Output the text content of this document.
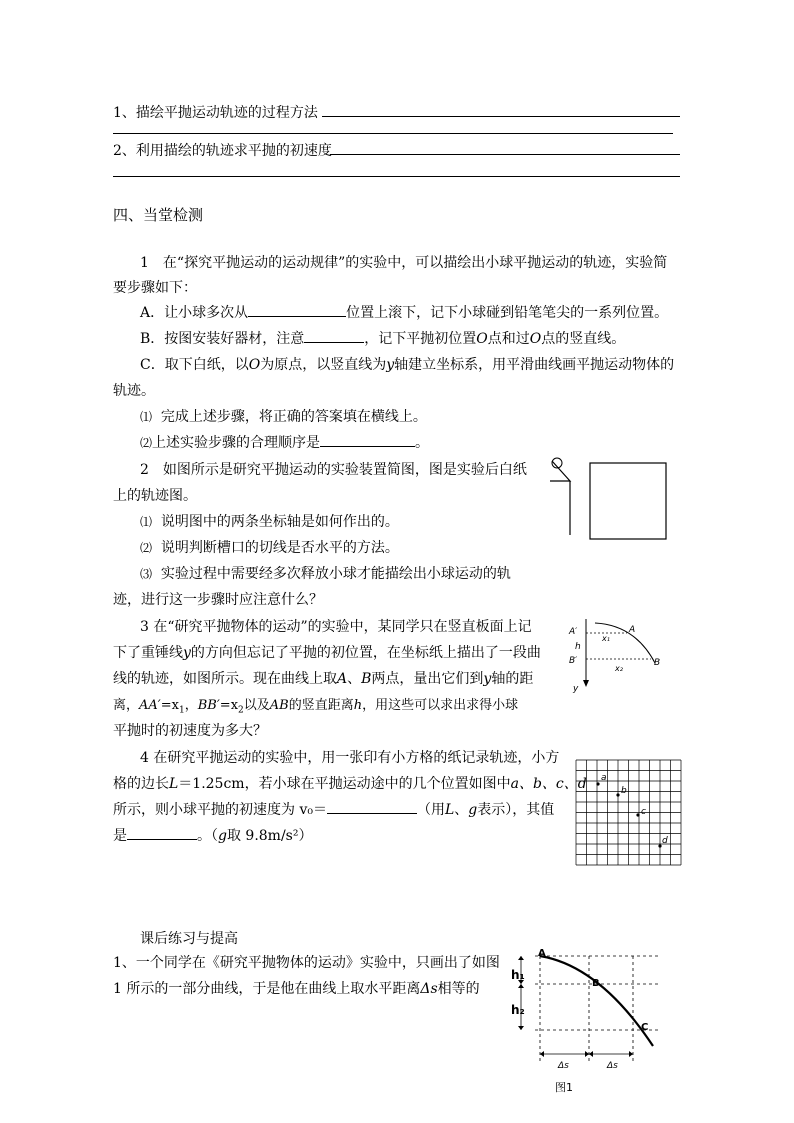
1、描绘平抛运动轨迹的过程方法
2、利用描绘的轨迹求平抛的初速度
四、当堂检测
1　在“探究平抛运动的运动规律”的实验中，可以描绘出小球平抛运动的轨迹，实验简
要步骤如下：
A．让小球多次从	位置上滚下，记下小球碰到铅笔笔尖的一系列位置。
B．按图安装好器材，注意	，记下平抛初位置O点和过O点的竖直线。
C．取下白纸，以O为原点，以竖直线为y轴建立坐标系，用平滑曲线画平抛运动物体的
轨迹。
⑴ 完成上述步骤，将正确的答案填在横线上。
⑵上述实验步骤的合理顺序是	。
2　如图所示是研究平抛运动的实验装置简图，图是实验后白纸
上的轨迹图。
⑴ 说明图中的两条坐标轴是如何作出的。
⑵ 说明判断槽口的切线是否水平的方法。
⑶ 实验过程中需要经多次释放小球才能描绘出小球运动的轨
迹，进行这一步骤时应注意什么？
3 在“研究平抛物体的运动”的实验中，某同学只在竖直板面上记
下了重锤线y的方向但忘记了平抛的初位置，在坐标纸上描出了一段曲
线的轨迹，如图所示。现在曲线上取A、B两点，量出它们到y轴的距
离，$AA'=x_1$，$BB'=x_2$以及AB的竖直距离h，用这些可以求出求得小球
平抛时的初速度为多大？
A′
h
B′
A
B
x₁
x₂
y
4 在研究平抛运动的实验中，用一张印有小方格的纸记录轨迹，小方
格的边长L＝1.25cm，若小球在平抛运动途中的几个位置如图中a、b、c、d
所示，则小球平抛的初速度为 v₀＝	（用L、g表示），其值
是	。（g取 9.8m/s²）
a
b
c
d
课后练习与提高
1、一个同学在《研究平抛物体的运动》实验中，只画出了如图
1 所示的一部分曲线，于是他在曲线上取水平距离Δs相等的
A
B
C
h₁
h₂
Δs	Δs
图1
